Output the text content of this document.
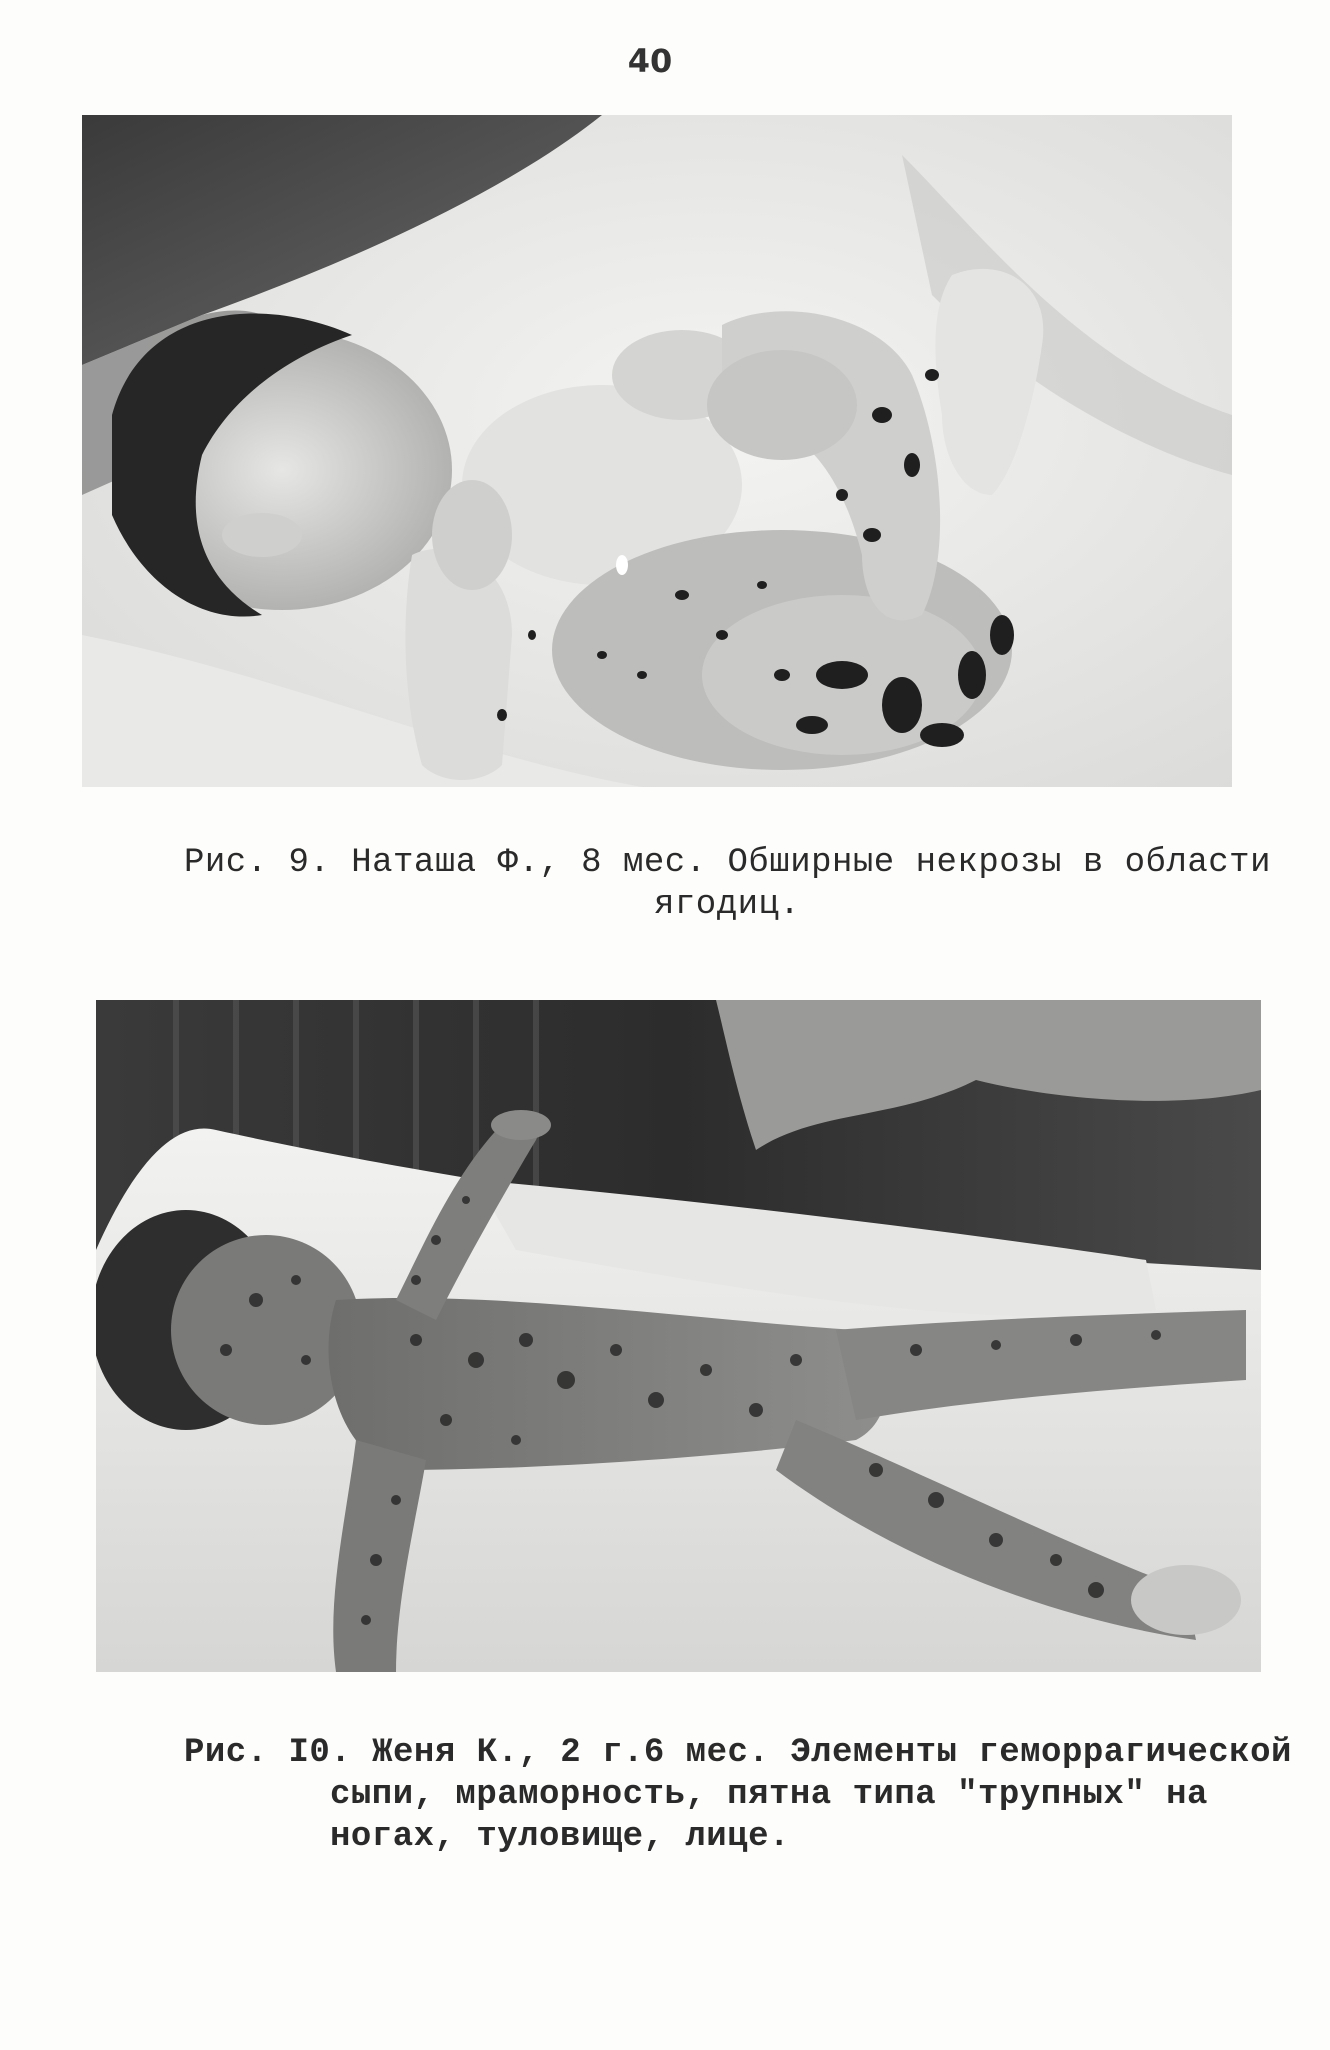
40
Рис. 9. Наташа Ф., 8 мес. Обширные некрозы в области
ягодиц.
Рис. I0. Женя К., 2 г.6 мес. Элементы геморрагической
сыпи, мраморность, пятна типа "трупных" на
ногах, туловище, лице.
